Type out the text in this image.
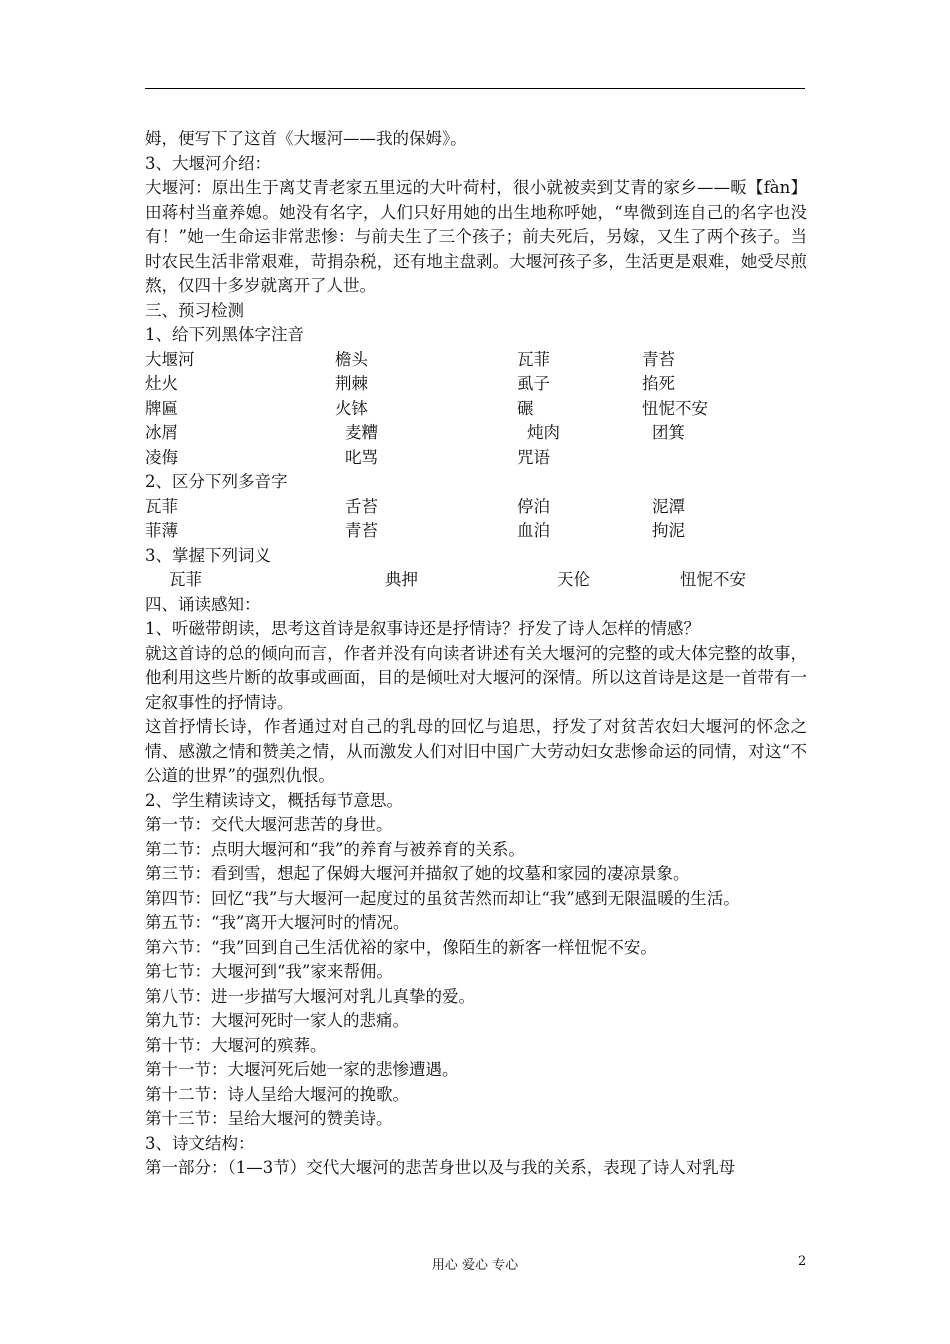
姆，便写下了这首《大堰河——我的保姆》。
3、大堰河介绍：
大堰河：原出生于离艾青老家五里远的大叶荷村，很小就被卖到艾青的家乡——畈【fàn】田蒋村当童养媳。她没有名字，人们只好用她的出生地称呼她，“卑微到连自己的名字也没有！”她一生命运非常悲惨：与前夫生了三个孩子；前夫死后，另嫁，又生了两个孩子。当时农民生活非常艰难，苛捐杂税，还有地主盘剥。大堰河孩子多，生活更是艰难，她受尽煎熬，仅四十多岁就离开了人世。
三、预习检测
1、给下列黑体字注音
大堰河	檐头	瓦菲	青苔
灶火	荆棘	虱子	掐死
牌匾	火钵	碾	忸怩不安
冰屑	麦糟	炖肉	团箕
凌侮	叱骂	咒语
2、区分下列多音字
瓦菲	舌苔	停泊	泥潭
菲薄	青苔	血泊	拘泥
3、掌握下列词义
瓦菲	典押	天伦	忸怩不安
四、诵读感知：
1、听磁带朗读，思考这首诗是叙事诗还是抒情诗？抒发了诗人怎样的情感？
就这首诗的总的倾向而言，作者并没有向读者讲述有关大堰河的完整的或大体完整的故事，他利用这些片断的故事或画面，目的是倾吐对大堰河的深情。所以这首诗是这是一首带有一定叙事性的抒情诗。
这首抒情长诗，作者通过对自己的乳母的回忆与追思，抒发了对贫苦农妇大堰河的怀念之情、感激之情和赞美之情，从而激发人们对旧中国广大劳动妇女悲惨命运的同情，对这“不公道的世界”的强烈仇恨。
2、学生精读诗文，概括每节意思。
第一节：交代大堰河悲苦的身世。
第二节：点明大堰河和“我”的养育与被养育的关系。
第三节：看到雪，想起了保姆大堰河并描叙了她的坟墓和家园的凄凉景象。
第四节：回忆“我”与大堰河一起度过的虽贫苦然而却让“我”感到无限温暖的生活。
第五节：“我”离开大堰河时的情况。
第六节：“我”回到自己生活优裕的家中，像陌生的新客一样忸怩不安。
第七节：大堰河到“我”家来帮佣。
第八节：进一步描写大堰河对乳儿真挚的爱。
第九节：大堰河死时一家人的悲痛。
第十节：大堰河的殡葬。
第十一节：大堰河死后她一家的悲惨遭遇。
第十二节：诗人呈给大堰河的挽歌。
第十三节：呈给大堰河的赞美诗。
3、诗文结构：
第一部分：（1—3节）交代大堰河的悲苦身世以及与我的关系，表现了诗人对乳母
用心 爱心 专心	2
